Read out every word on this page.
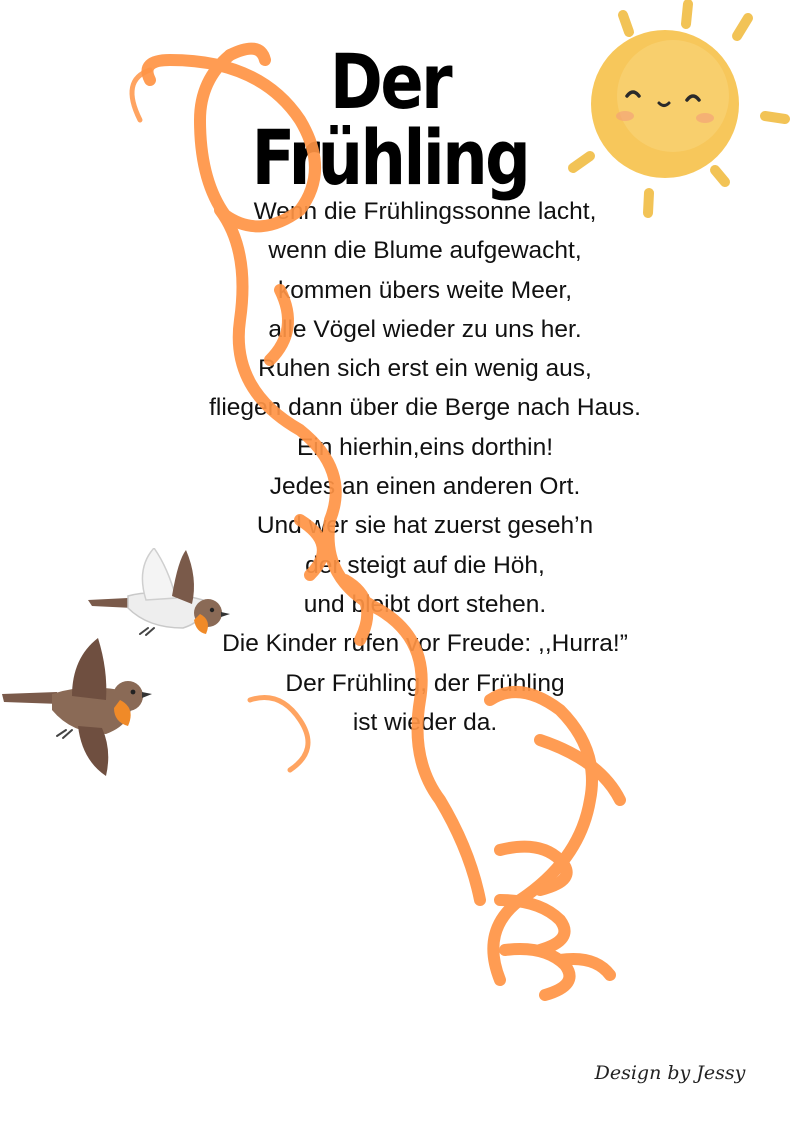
Der Frühling
Wenn die Frühlingssonne lacht,
wenn die Blume aufgewacht,
kommen übers weite Meer,
alle Vögel wieder zu uns her.
Ruhen sich erst ein wenig aus,
fliegen dann über die Berge nach Haus.
Ein hierhin,eins dorthin!
Jedes an einen anderen Ort.
Und wer sie hat zuerst geseh’n
der steigt auf die Höh,
und bleibt dort stehen.
Die Kinder rufen vor Freude: ,,Hurra!”
Der Frühling, der Frühling
ist wieder da.
Design by Jessy
